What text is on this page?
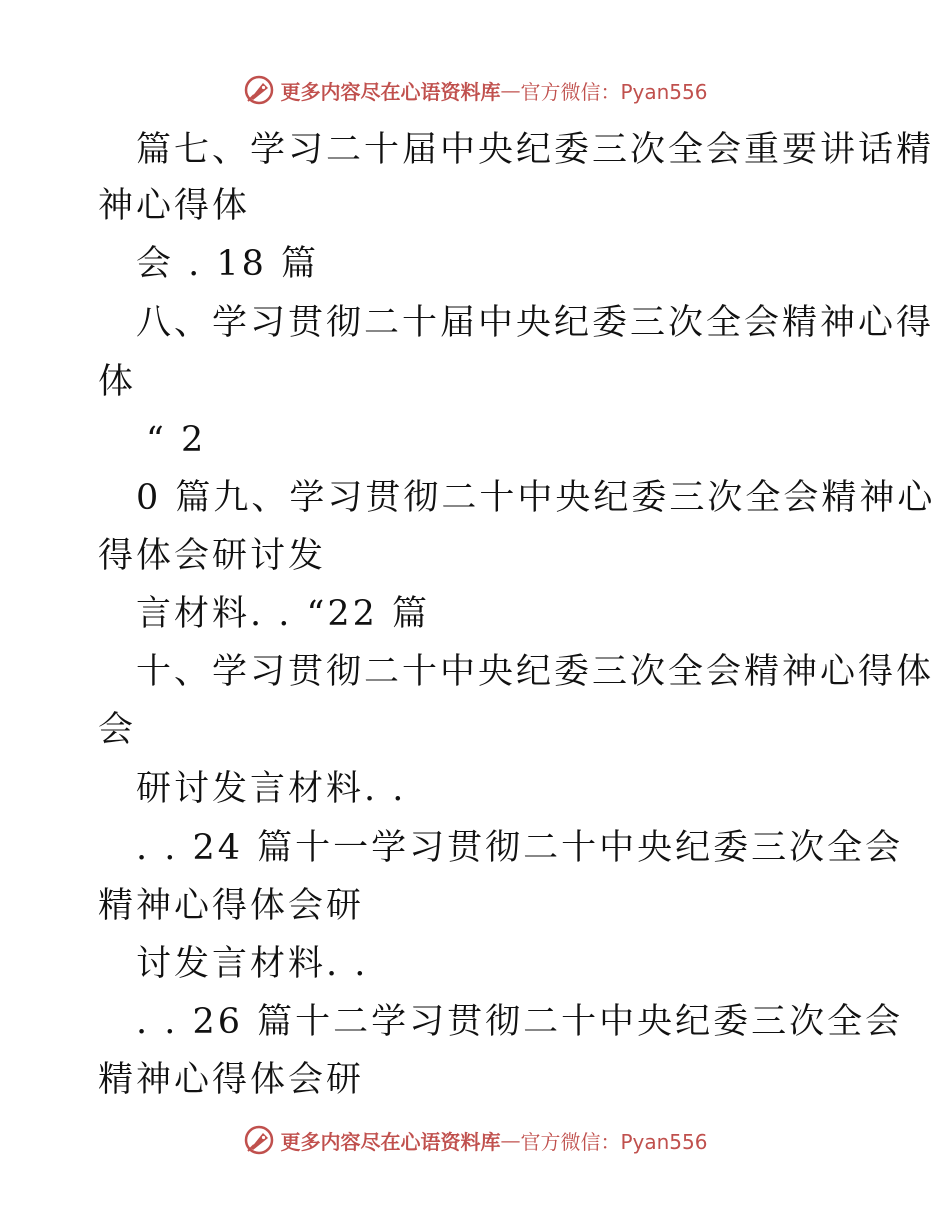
更多内容尽在心语资料库 — 官方微信：Pyan556
篇七、学习二十届中央纪委三次全会重要讲话精
神心得体
会 . 18 篇
八、学习贯彻二十届中央纪委三次全会精神心得
体
“ 2
0 篇九、学习贯彻二十中央纪委三次全会精神心
得体会研讨发
言材料. . “22 篇
十、学习贯彻二十中央纪委三次全会精神心得体
会
研讨发言材料. .
. . 24 篇十一学习贯彻二十中央纪委三次全会
精神心得体会研
讨发言材料. .
. . 26 篇十二学习贯彻二十中央纪委三次全会
精神心得体会研
更多内容尽在心语资料库 — 官方微信：Pyan556
